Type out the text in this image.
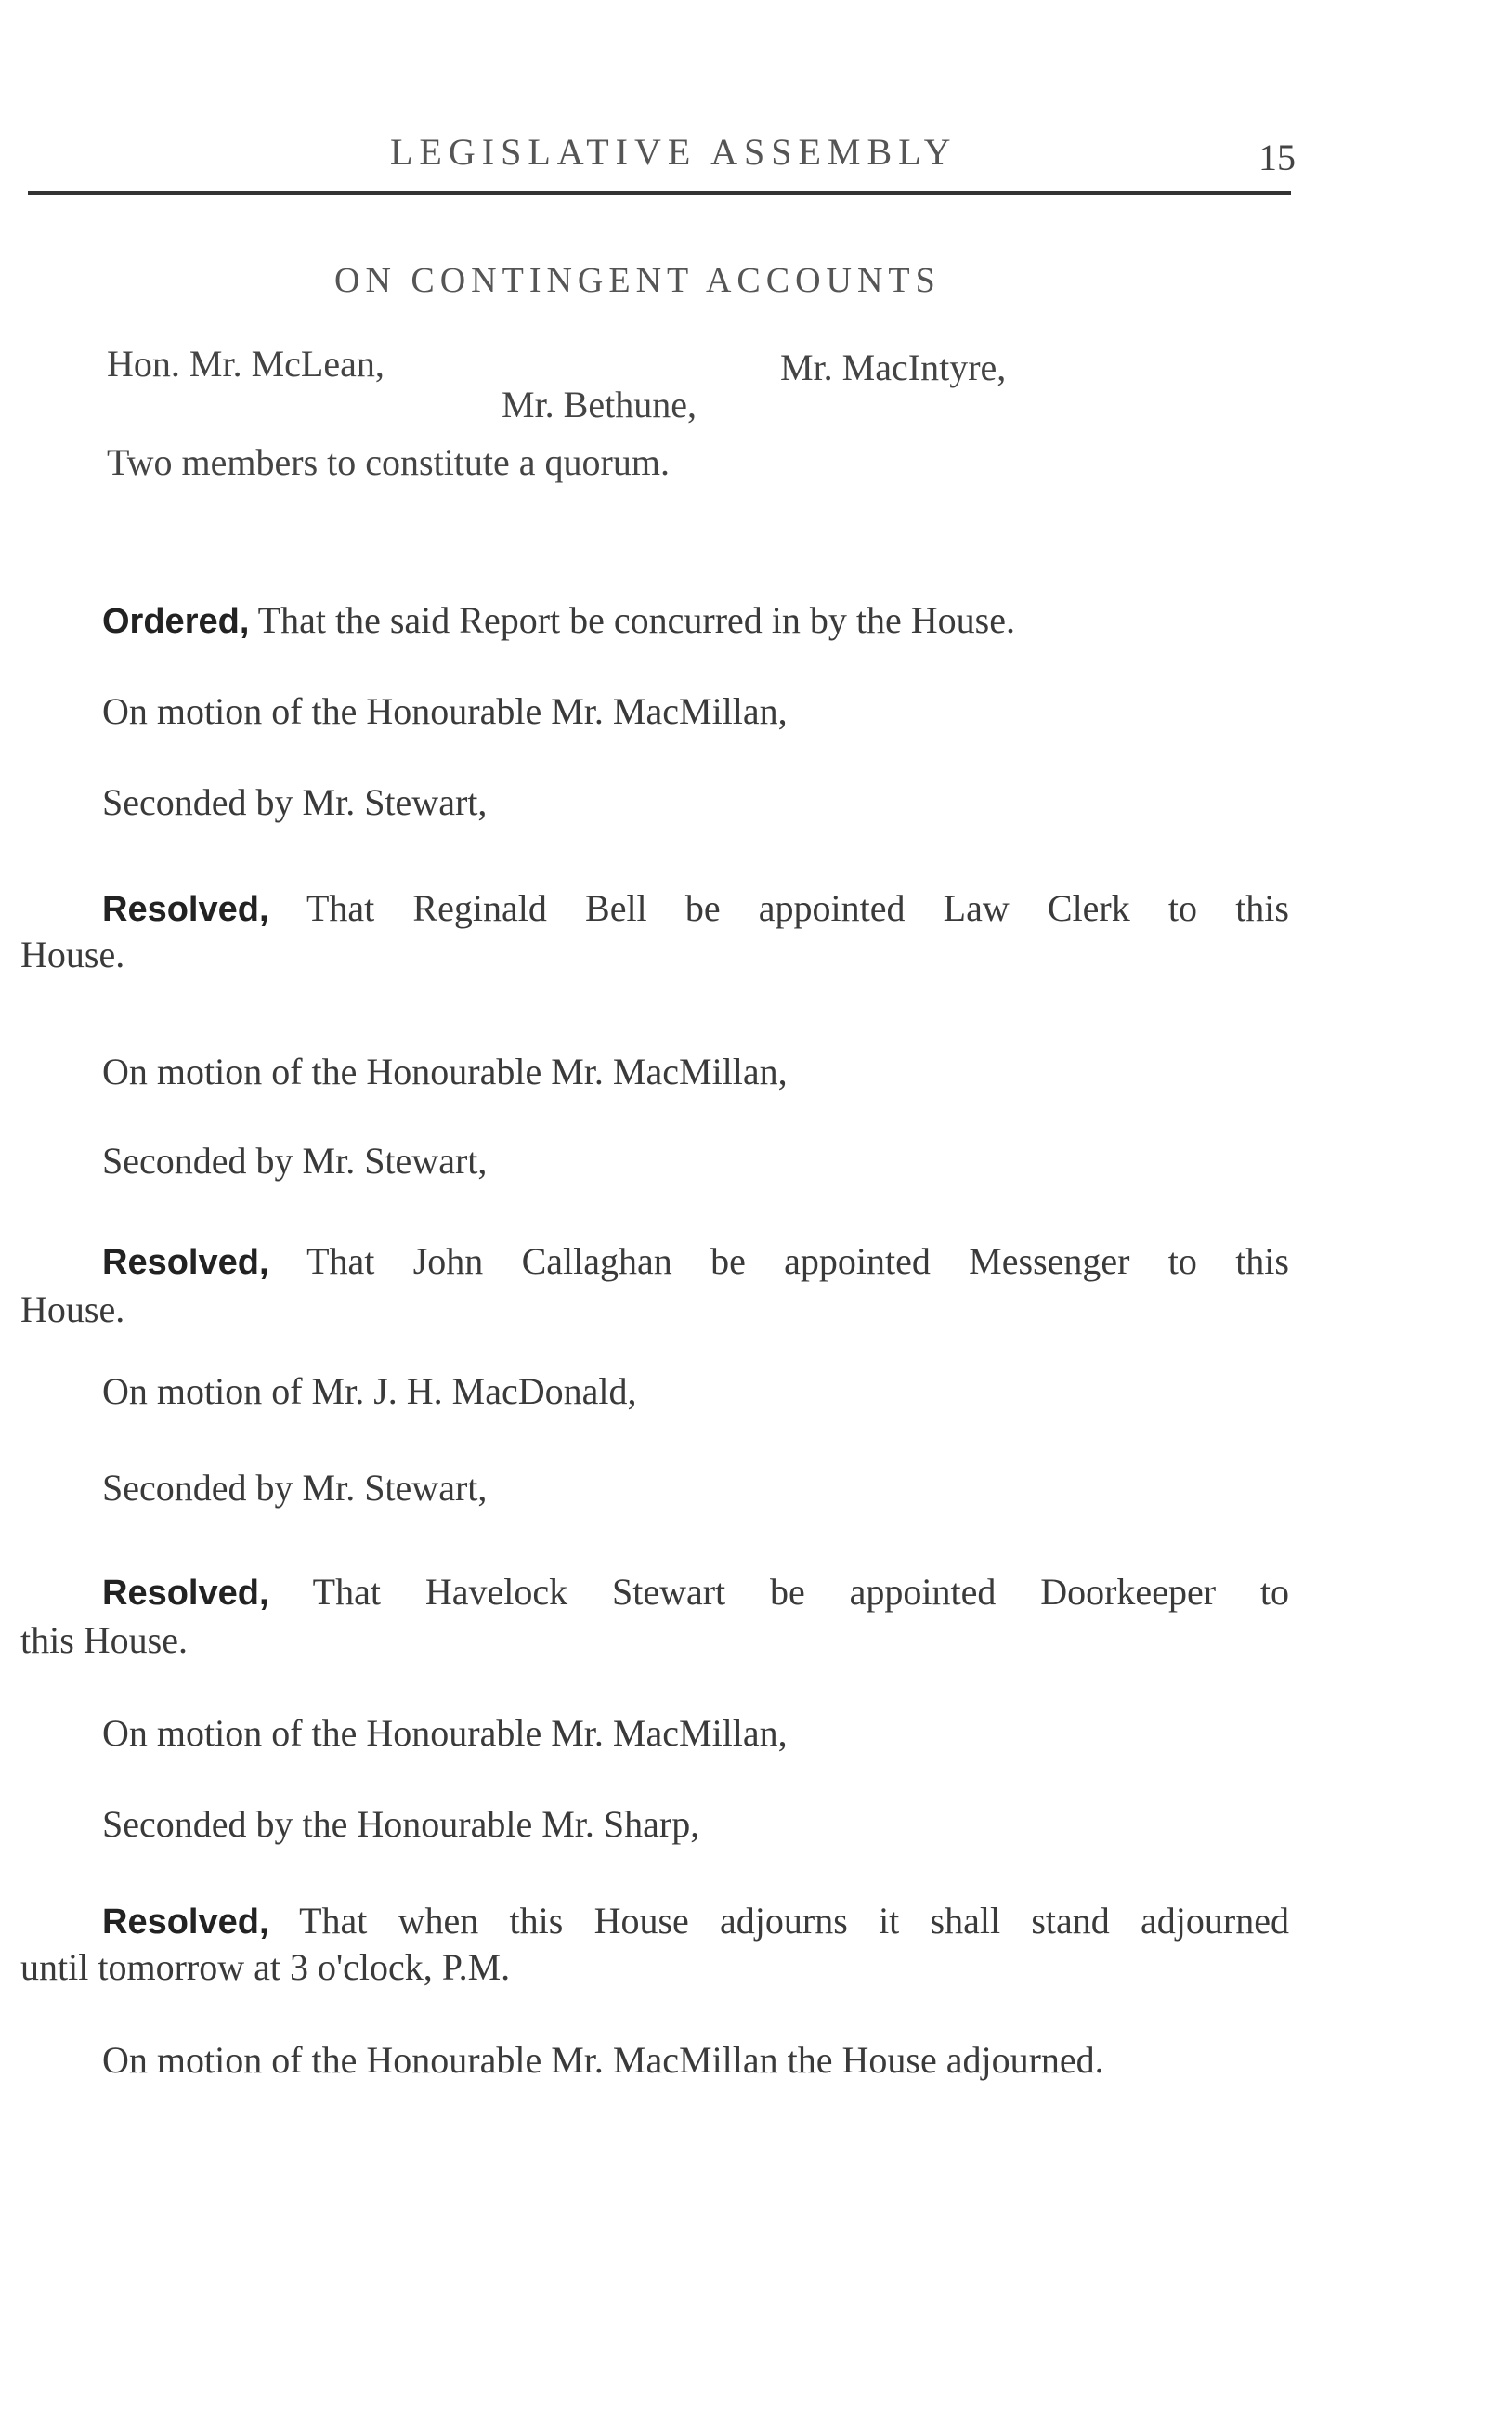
LEGISLATIVE ASSEMBLY	15
ON CONTINGENT ACCOUNTS
Hon. Mr. McLean,	Mr. MacIntyre,
Mr. Bethune,
Two members to constitute a quorum.
Ordered, That the said Report be concurred in by the House.
On motion of the Honourable Mr. MacMillan,
Seconded by Mr. Stewart,
Resolved, That Reginald Bell be appointed Law Clerk to this
House.
On motion of the Honourable Mr. MacMillan,
Seconded by Mr. Stewart,
Resolved, That John Callaghan be appointed Messenger to this
House.
On motion of Mr. J. H. MacDonald,
Seconded by Mr. Stewart,
Resolved, That Havelock Stewart be appointed Doorkeeper to
this House.
On motion of the Honourable Mr. MacMillan,
Seconded by the Honourable Mr. Sharp,
Resolved, That when this House adjourns it shall stand adjourned
until tomorrow at 3 o'clock, P.M.
On motion of the Honourable Mr. MacMillan the House adjourned.
